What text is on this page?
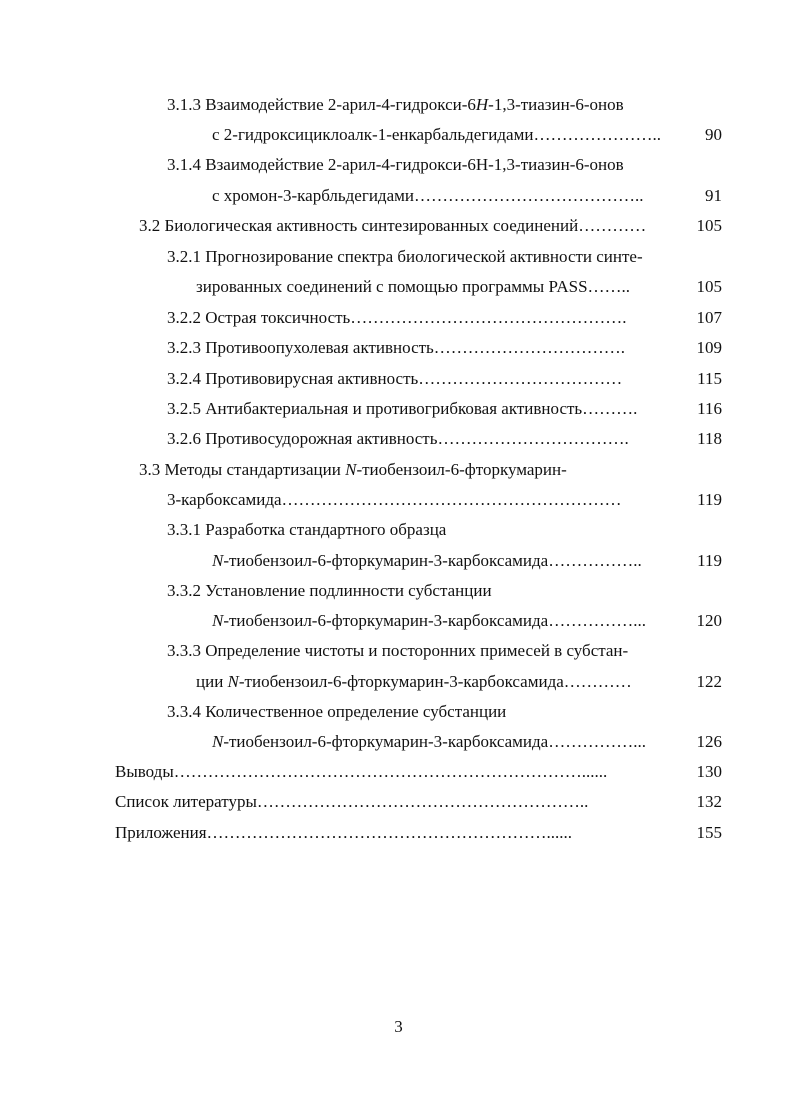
3.1.3 Взаимодействие 2-арил-4-гидрокси-6H-1,3-тиазин-6-онов
с 2-гидроксициклоалк-1-енкарбальдегидами…………………..	90
3.1.4 Взаимодействие 2-арил-4-гидрокси-6H-1,3-тиазин-6-онов
с хромон-3-карбльдегидами…………………………………..	91
3.2 Биологическая активность синтезированных соединений…………	105
3.2.1 Прогнозирование спектра биологической активности синте-
зированных соединений с помощью программы PASS……..	105
3.2.2 Острая токсичность………………………………………….	107
3.2.3 Противоопухолевая активность…………………………….	109
3.2.4 Противовирусная активность………………………………	115
3.2.5 Антибактериальная и противогрибковая активность……….	116
3.2.6 Противосудорожная активность…………………………….	118
3.3 Методы стандартизации N-тиобензоил-6-фторкумарин-
3-карбоксамида……………………………………………………	119
3.3.1 Разработка стандартного образца
N-тиобензоил-6-фторкумарин-3-карбоксамида……………..	119
3.3.2 Установление подлинности субстанции
N-тиобензоил-6-фторкумарин-3-карбоксамида……………...	120
3.3.3 Определение чистоты и посторонних примесей в субстан-
ции N-тиобензоил-6-фторкумарин-3-карбоксамида…………	122
3.3.4 Количественное определение субстанции
N-тиобензоил-6-фторкумарин-3-карбоксамида……………...	126
Выводы………………………………………………………………......	130
Список литературы…………………………………………………..	132
Приложения……………………………………………………......	155
3
